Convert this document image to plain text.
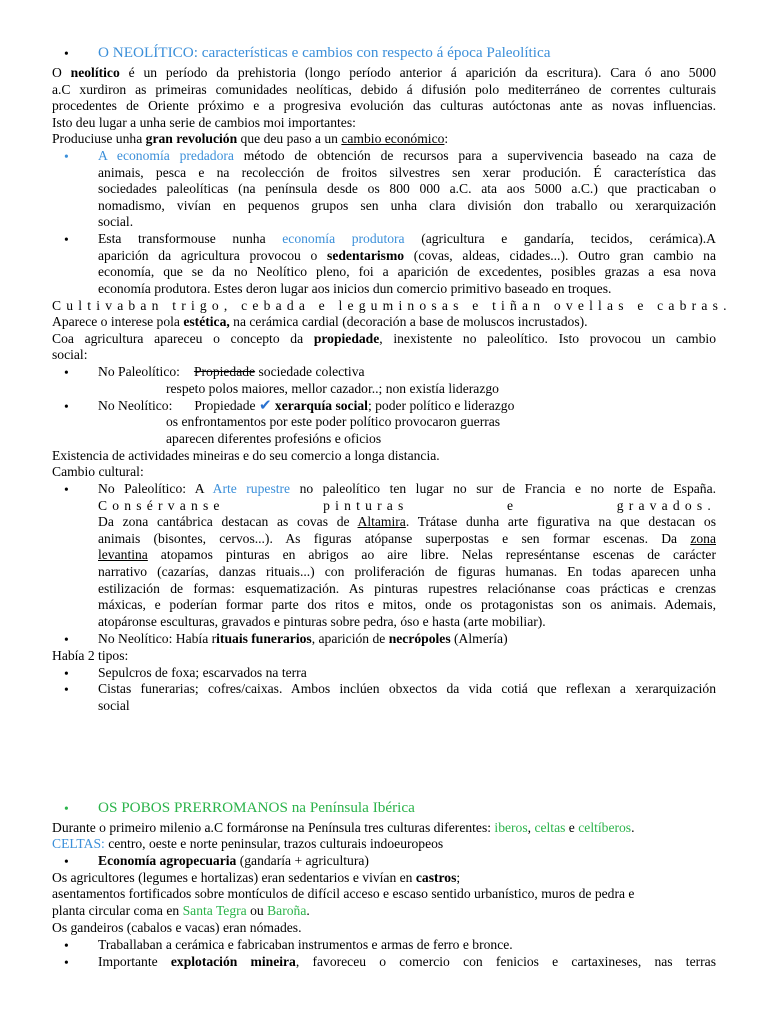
• O NEOLÍTICO: características e cambios con respecto á época Paleolítica
O neolítico é un período da prehistoria (longo período anterior á aparición da escritura). Cara ó ano 5000
a.C xurdiron as primeiras comunidades neolíticas, debido á difusión polo mediterráneo de correntes culturais
procedentes de Oriente próximo e a progresiva evolución das culturas autóctonas ante as novas influencias.
Isto deu lugar a unha serie de cambios moi importantes:
Produciuse unha gran revolución que deu paso a un cambio económico:
• A economía predadora método de obtención de recursos para a supervivencia baseado na caza de
animais, pesca e na recolección de froitos silvestres sen xerar produción. É característica das
sociedades paleolíticas (na península desde os 800 000 a.C. ata aos 5000 a.C.) que practicaban o
nomadismo, vivían en pequenos grupos sen unha clara división don traballo ou xerarquización
social.
• Esta transformouse nunha economía produtora (agricultura e gandaría, tecidos, cerámica).A
aparición da agricultura provocou o sedentarismo (covas, aldeas, cidades...). Outro gran cambio na
economía, que se da no Neolítico pleno, foi a aparición de excedentes, posibles grazas a esa nova
economía produtora. Estes deron lugar aos inicios dun comercio primitivo baseado en troques.
Cultivaban trigo, cebada e leguminosas e tiñan ovellas e cabras.
Aparece o interese pola estética, na cerámica cardial (decoración a base de moluscos incrustados).
Coa agricultura apareceu o concepto da propiedade, inexistente no paleolítico. Isto provocou un cambio
social:
• No Paleolítico: Propiedade sociedade colectiva
respeto polos maiores, mellor cazador..; non existía liderazgo
• No Neolítico: Propiedade ✔ xerarquía social; poder político e liderazgo
os enfrontamentos por este poder político provocaron guerras
aparecen diferentes profesións e oficios
Existencia de actividades mineiras e do seu comercio a longa distancia.
Cambio cultural:
• No Paleolítico: A Arte rupestre no paleolítico ten lugar no sur de Francia e no norte de España.
Consérvanse pinturas e gravados.
Da zona cantábrica destacan as covas de Altamira. Trátase dunha arte figurativa na que destacan os
animais (bisontes, cervos...). As figuras atópanse superpostas e sen formar escenas. Da zona
levantina atopamos pinturas en abrigos ao aire libre. Nelas represéntanse escenas de carácter
narrativo (cazarías, danzas rituais...) con proliferación de figuras humanas. En todas aparecen unha
estilización de formas: esquematización. As pinturas rupestres relaciónanse coas prácticas e crenzas
máxicas, e poderían formar parte dos ritos e mitos, onde os protagonistas son os animais. Ademais,
atopáronse esculturas, gravados e pinturas sobre pedra, óso e hasta (arte mobiliar).
• No Neolítico: Había rituais funerarios, aparición de necrópoles (Almería)
Había 2 tipos:
• Sepulcros de foxa; escarvados na terra
• Cistas funerarias; cofres/caixas. Ambos inclúen obxectos da vida cotiá que reflexan a xerarquización
social
• OS POBOS PRERROMANOS na Península Ibérica
Durante o primeiro milenio a.C formáronse na Península tres culturas diferentes: iberos, celtas e celtíberos.
CELTAS: centro, oeste e norte peninsular, trazos culturais indoeuropeos
• Economía agropecuaria (gandaría + agricultura)
Os agricultores (legumes e hortalizas) eran sedentarios e vivían en castros;
asentamentos fortificados sobre montículos de difícil acceso e escaso sentido urbanístico, muros de pedra e
planta circular coma en Santa Tegra ou Baroña.
Os gandeiros (cabalos e vacas) eran nómades.
• Traballaban a cerámica e fabricaban instrumentos e armas de ferro e bronce.
• Importante explotación mineira, favoreceu o comercio con fenicios e cartaxineses, nas terras
